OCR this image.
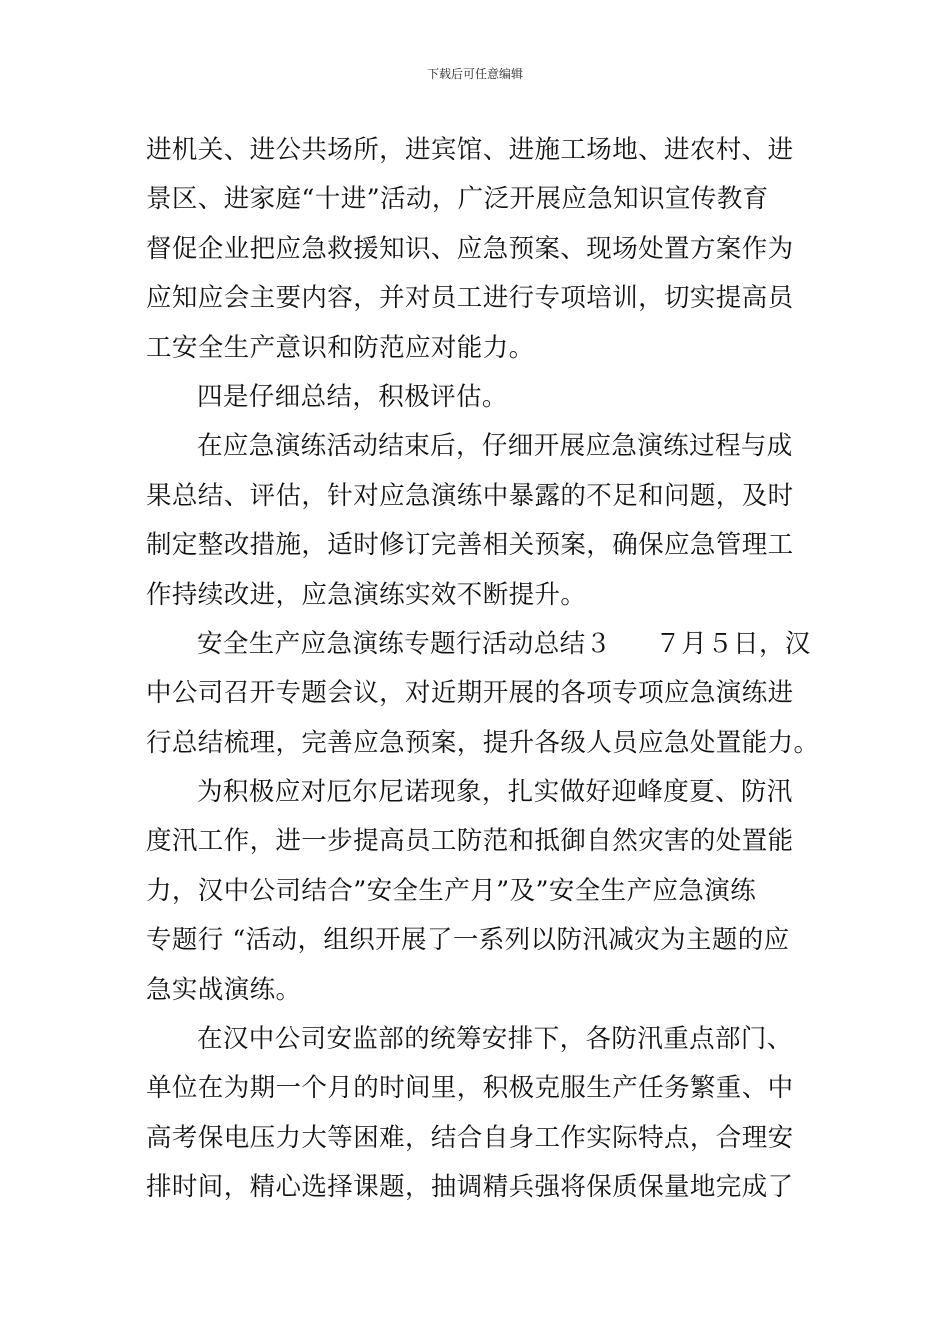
下载后可任意编辑
进机关、进公共场所，进宾馆、进施工场地、进农村、进
景区、进家庭“十进”活动，广泛开展应急知识宣传教育
督促企业把应急救援知识、应急预案、现场处置方案作为
应知应会主要内容，并对员工进行专项培训，切实提高员
工安全生产意识和防范应对能力。
四是仔细总结，积极评估。
在应急演练活动结束后，仔细开展应急演练过程与成
果总结、评估，针对应急演练中暴露的不足和问题，及时
制定整改措施，适时修订完善相关预案，确保应急管理工
作持续改进，应急演练实效不断提升。
安全生产应急演练专题行活动总结３ ７月５日，汉
中公司召开专题会议，对近期开展的各项专项应急演练进
行总结梳理，完善应急预案，提升各级人员应急处置能力。
为积极应对厄尔尼诺现象，扎实做好迎峰度夏、防汛
度汛工作，进一步提高员工防范和抵御自然灾害的处置能
力，汉中公司结合”安全生产月”及”安全生产应急演练
专题行 “活动，组织开展了一系列以防汛减灾为主题的应
急实战演练。
在汉中公司安监部的统筹安排下，各防汛重点部门、
单位在为期一个月的时间里，积极克服生产任务繁重、中
高考保电压力大等困难，结合自身工作实际特点，合理安
排时间，精心选择课题，抽调精兵强将保质保量地完成了
